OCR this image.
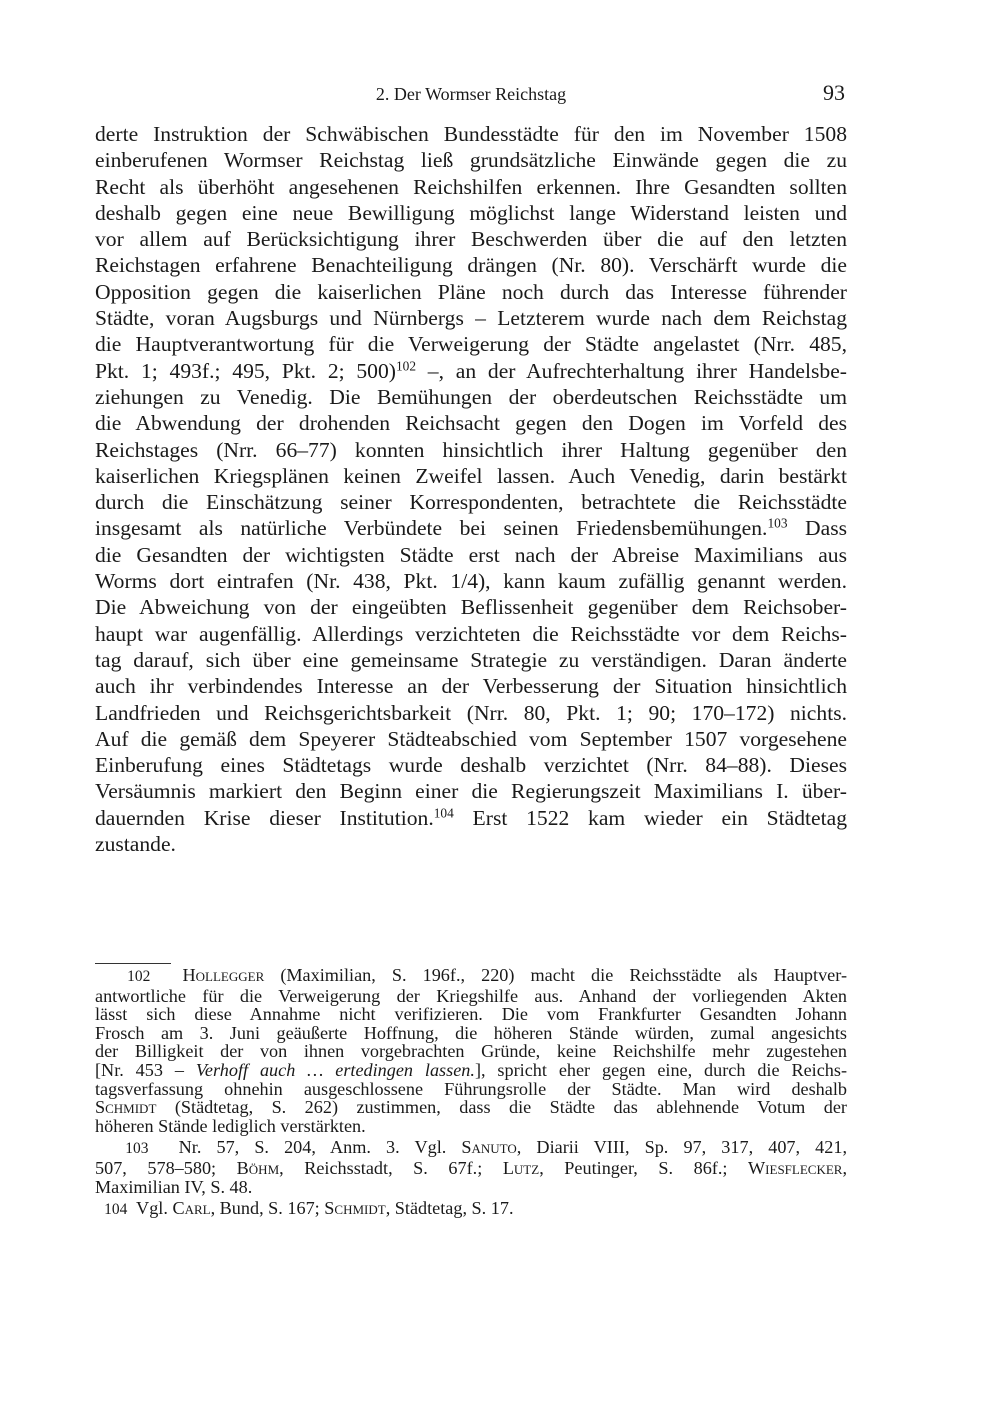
2. Der Wormser Reichstag	93
derte Instruktion der Schwäbischen Bundesstädte für den im November 1508
einberufenen Wormser Reichstag ließ grundsätzliche Einwände gegen die zu
Recht als überhöht angesehenen Reichshilfen erkennen. Ihre Gesandten sollten
deshalb gegen eine neue Bewilligung möglichst lange Widerstand leisten und
vor allem auf Berücksichtigung ihrer Beschwerden über die auf den letzten
Reichstagen erfahrene Benachteiligung drängen (Nr. 80). Verschärft wurde die
Opposition gegen die kaiserlichen Pläne noch durch das Interesse führender
Städte, voran Augsburgs und Nürnbergs – Letzterem wurde nach dem Reichstag
die Hauptverantwortung für die Verweigerung der Städte angelastet (Nrr. 485,
Pkt. 1; 493f.; 495, Pkt. 2; 500)$^{102}$ –, an der Aufrechterhaltung ihrer Handelsbe-
ziehungen zu Venedig. Die Bemühungen der oberdeutschen Reichsstädte um
die Abwendung der drohenden Reichsacht gegen den Dogen im Vorfeld des
Reichstages (Nrr. 66–77) konnten hinsichtlich ihrer Haltung gegenüber den
kaiserlichen Kriegsplänen keinen Zweifel lassen. Auch Venedig, darin bestärkt
durch die Einschätzung seiner Korrespondenten, betrachtete die Reichsstädte
insgesamt als natürliche Verbündete bei seinen Friedensbemühungen.$^{103}$ Dass
die Gesandten der wichtigsten Städte erst nach der Abreise Maximilians aus
Worms dort eintrafen (Nr. 438, Pkt. 1/4), kann kaum zufällig genannt werden.
Die Abweichung von der eingeübten Beflissenheit gegenüber dem Reichsober-
haupt war augenfällig. Allerdings verzichteten die Reichsstädte vor dem Reichs-
tag darauf, sich über eine gemeinsame Strategie zu verständigen. Daran änderte
auch ihr verbindendes Interesse an der Verbesserung der Situation hinsichtlich
Landfrieden und Reichsgerichtsbarkeit (Nrr. 80, Pkt. 1; 90; 170–172) nichts.
Auf die gemäß dem Speyerer Städteabschied vom September 1507 vorgesehene
Einberufung eines Städtetags wurde deshalb verzichtet (Nrr. 84–88). Dieses
Versäumnis markiert den Beginn einer die Regierungszeit Maximilians I. über-
dauernden Krise dieser Institution.$^{104}$ Erst 1522 kam wieder ein Städtetag
zustande.
102 Hollegger (Maximilian, S. 196f., 220) macht die Reichsstädte als Hauptver-
antwortliche für die Verweigerung der Kriegshilfe aus. Anhand der vorliegenden Akten
lässt sich diese Annahme nicht verifizieren. Die vom Frankfurter Gesandten Johann
Frosch am 3. Juni geäußerte Hoffnung, die höheren Stände würden, zumal angesichts
der Billigkeit der von ihnen vorgebrachten Gründe, keine Reichshilfe mehr zugestehen
[Nr. 453 – Verhoff auch … ertedingen lassen.], spricht eher gegen eine, durch die Reichs-
tagsverfassung ohnehin ausgeschlossene Führungsrolle der Städte. Man wird deshalb
Schmidt (Städtetag, S. 262) zustimmen, dass die Städte das ablehnende Votum der
höheren Stände lediglich verstärkten.
103  Nr. 57, S. 204, Anm. 3. Vgl. Sanuto, Diarii VIII, Sp. 97, 317, 407, 421,
507, 578–580; Böhm, Reichsstadt, S. 67f.; Lutz, Peutinger, S. 86f.; Wiesflecker,
Maximilian IV, S. 48.
104  Vgl. Carl, Bund, S. 167; Schmidt, Städtetag, S. 17.
